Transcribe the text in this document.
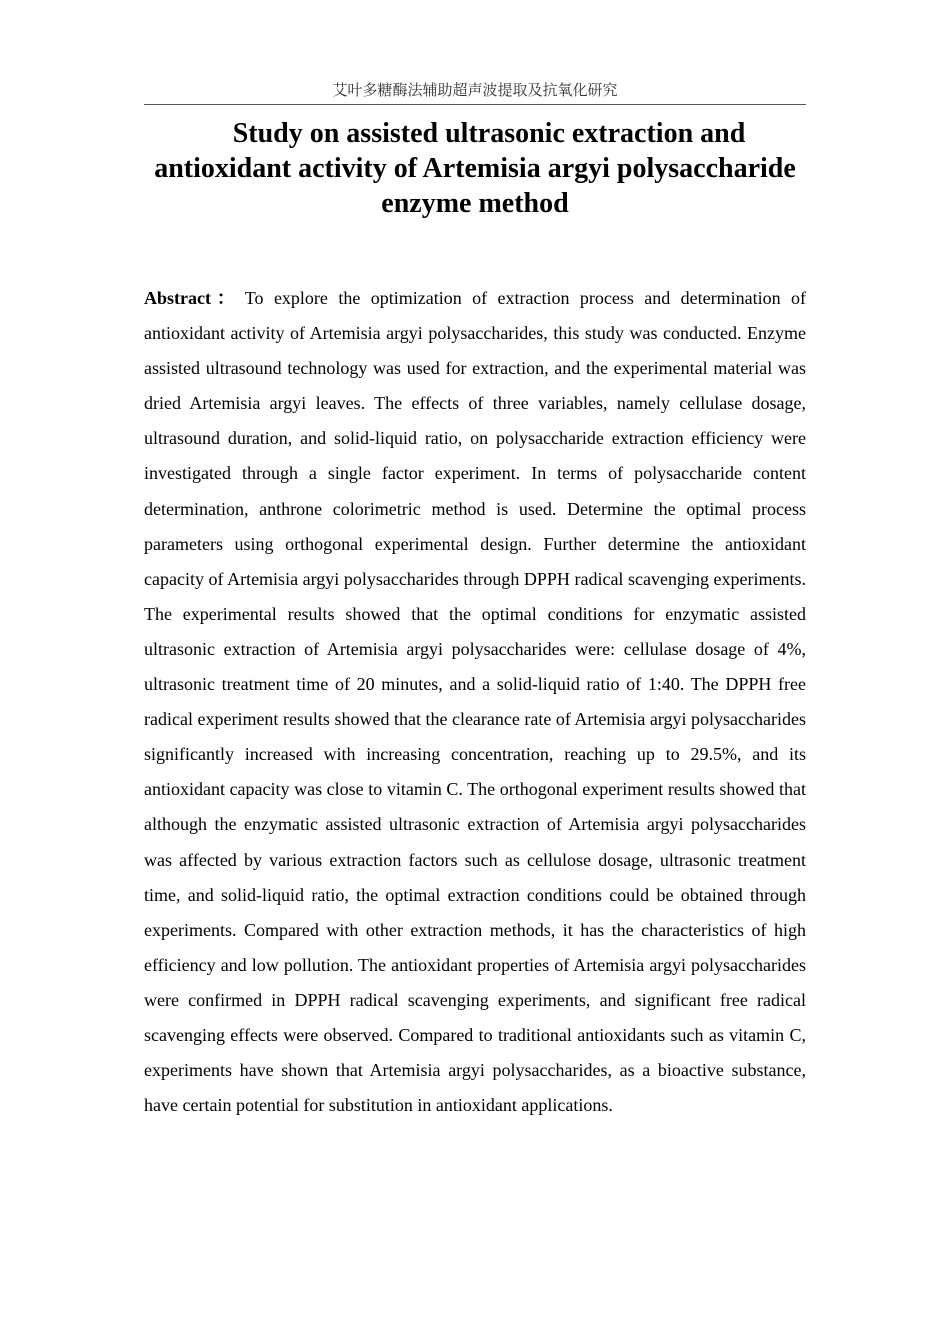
艾叶多糖酶法辅助超声波提取及抗氧化研究
Study on assisted ultrasonic extraction and antioxidant activity of Artemisia argyi polysaccharide enzyme method

Abstract： To explore the optimization of extraction process and determination of antioxidant activity of Artemisia argyi polysaccharides, this study was conducted. Enzyme assisted ultrasound technology was used for extraction, and the experimental material was dried Artemisia argyi leaves. The effects of three variables, namely cellulase dosage, ultrasound duration, and solid-liquid ratio, on polysaccharide extraction efficiency were investigated through a single factor experiment. In terms of polysaccharide content determination, anthrone colorimetric method is used. Determine the optimal process parameters using orthogonal experimental design. Further determine the antioxidant capacity of Artemisia argyi polysaccharides through DPPH radical scavenging experiments. The experimental results showed that the optimal conditions for enzymatic assisted ultrasonic extraction of Artemisia argyi polysaccharides were: cellulase dosage of 4%, ultrasonic treatment time of 20 minutes, and a solid-liquid ratio of 1:40. The DPPH free radical experiment results showed that the clearance rate of Artemisia argyi polysaccharides significantly increased with increasing concentration, reaching up to 29.5%, and its antioxidant capacity was close to vitamin C. The orthogonal experiment results showed that although the enzymatic assisted ultrasonic extraction of Artemisia argyi polysaccharides was affected by various extraction factors such as cellulose dosage, ultrasonic treatment time, and solid-liquid ratio, the optimal extraction conditions could be obtained through experiments. Compared with other extraction methods, it has the characteristics of high efficiency and low pollution. The antioxidant properties of Artemisia argyi polysaccharides were confirmed in DPPH radical scavenging experiments, and significant free radical scavenging effects were observed. Compared to traditional antioxidants such as vitamin C, experiments have shown that Artemisia argyi polysaccharides, as a bioactive substance, have certain potential for substitution in antioxidant applications.
